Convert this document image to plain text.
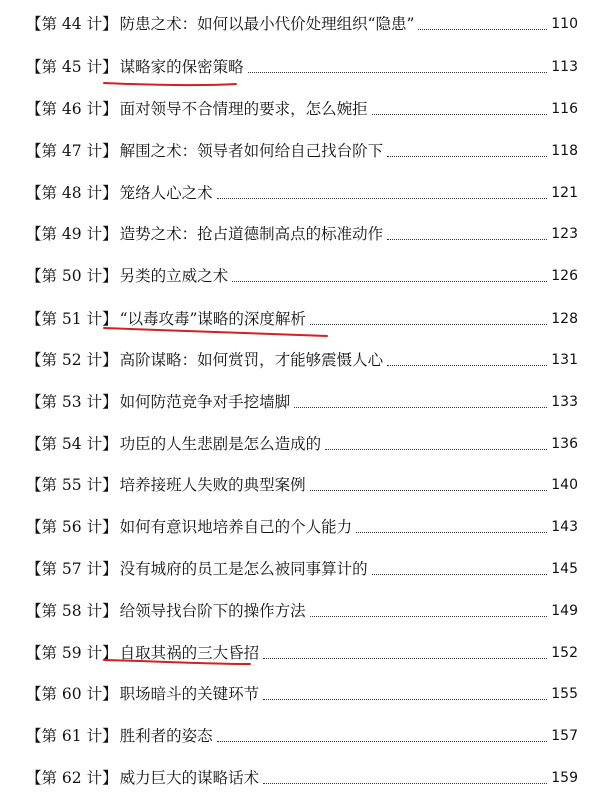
【第 44 计】 防患之术：如何以最小代价处理组织“隐患”	110
【第 45 计】 谋略家的保密策略	113
【第 46 计】 面对领导不合情理的要求，怎么婉拒	116
【第 47 计】 解围之术：领导者如何给自己找台阶下	118
【第 48 计】 笼络人心之术	121
【第 49 计】 造势之术：抢占道德制高点的标准动作	123
【第 50 计】 另类的立威之术	126
【第 51 计】 “以毒攻毒”谋略的深度解析	128
【第 52 计】 高阶谋略：如何赏罚，才能够震慑人心	131
【第 53 计】 如何防范竞争对手挖墙脚	133
【第 54 计】 功臣的人生悲剧是怎么造成的	136
【第 55 计】 培养接班人失败的典型案例	140
【第 56 计】 如何有意识地培养自己的个人能力	143
【第 57 计】 没有城府的员工是怎么被同事算计的	145
【第 58 计】 给领导找台阶下的操作方法	149
【第 59 计】 自取其祸的三大昏招	152
【第 60 计】 职场暗斗的关键环节	155
【第 61 计】 胜利者的姿态	157
【第 62 计】 威力巨大的谋略话术	159
